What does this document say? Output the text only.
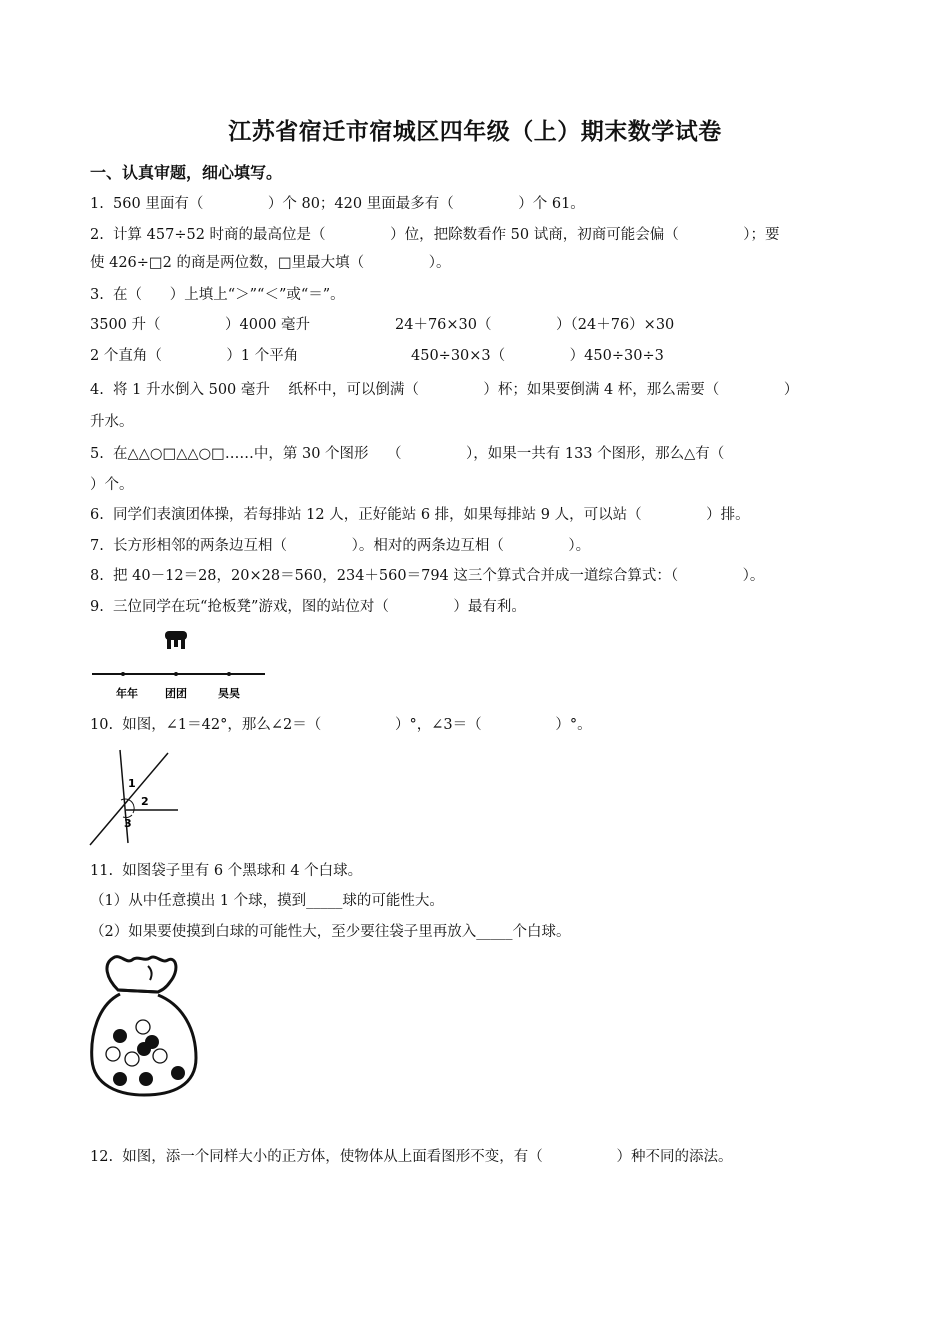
江苏省宿迁市宿城区四年级（上）期末数学试卷
一、认真审题，细心填写。
1.  560 里面有（              ）个 80；420 里面最多有（              ）个 61。
2.  计算 457÷52 时商的最高位是（              ）位，把除数看作 50 试商，初商可能会偏（              ）；要
使 426÷□2 的商是两位数，□里最大填（              ）。
3.  在（      ）上填上“＞”“＜”或“＝”。
3500 升（              ）4000 毫升	24＋76×30（              ）（24＋76）×30
2 个直角（              ）1 个平角	450÷30×3（              ）450÷30÷3
4.  将 1 升水倒入 500 毫升    纸杯中，可以倒满（              ）杯；如果要倒满 4 杯，那么需要（              ）
升水。
5.  在△△○□△△○□……中，第 30 个图形    （              ），如果一共有 133 个图形，那么△有（
）个。
6.  同学们表演团体操，若每排站 12 人，正好能站 6 排，如果每排站 9 人，可以站（              ）排。
7.  长方形相邻的两条边互相（              ）。相对的两条边互相（              ）。
8.  把 40－12＝28，20×28＝560，234＋560＝794 这三个算式合并成一道综合算式：（              ）。
9.  三位同学在玩“抢板凳”游戏，图的站位对（              ）最有利。
年年 团团	昊昊
10.  如图，∠1＝42°，那么∠2＝（                ）°，∠3＝（                ）°。
1
2
3
11.  如图袋子里有 6 个黑球和 4 个白球。
（1）从中任意摸出 1 个球，摸到_____球的可能性大。
（2）如果要使摸到白球的可能性大，至少要往袋子里再放入_____个白球。
12.  如图，添一个同样大小的正方体，使物体从上面看图形不变，有（                ）种不同的添法。
